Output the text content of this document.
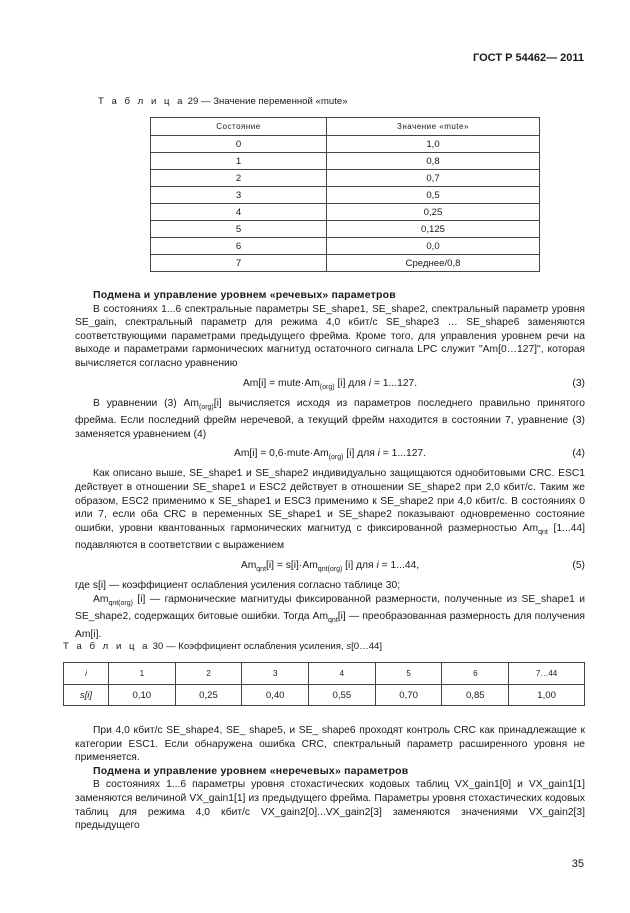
ГОСТ Р 54462— 2011
Т а б л и ц а 29 — Значение переменной «mute»
Состояние	Значение «mute»
0	1,0
1	0,8
2	0,7
3	0,5
4	0,25
5	0,125
6	0,0
7	Среднее/0,8
Подмена и управление уровнем «речевых» параметров

В состояниях 1...6 спектральные параметры SE_shape1, SE_shape2, спектральный параметр уровня SE_gain, спектральный параметр для режима 4,0 кбит/с SE_shape3 … SE_shape6 заменяются соответствующими параметрами предыдущего фрейма. Кроме того, для управления уровнем речи на выходе и параметрами гармонических магнитуд остаточного сигнала LPC служит "Am[0…127]", которая вычисляется согласно уравнению

$Am[i] = mute\cdot Am_{(org)}$ [i] для i = 1...127.	(3)

В уравнении (3) $Am_{(org)}[i]$ вычисляется исходя из параметров последнего правильно принятого фрейма. Если последний фрейм неречевой, а текущий фрейм находится в состоянии 7, уравнение (3) заменяется уравнением (4)

$Am[i] = 0,6\cdot mute\cdot Am_{(org)}$ [i] для i = 1...127.	(4)

Как описано выше, SE_shape1 и SE_shape2 индивидуально защищаются однобитовыми CRC. ESC1 действует в отношении SE_shape1 и ESC2 действует в отношении SE_shape2 при 2,0 кбит/с. Таким же образом, ESC2 применимо к SE_shape1 и ESC3 применимо к SE_shape2 при 4,0 кбит/с. В состояниях 0 или 7, если оба CRC в переменных SE_shape1 и SE_shape2 показывают одновременно состояние ошибки, уровни квантованных гармонических магнитуд с фиксированной размерностью $Am_{qnt}$ [1...44] подавляются в соответствии с выражением

$Am_{qnt}[i] = s[i]\cdot Am_{qnt(org)}$ [i] для i = 1...44,	(5)

где s[i] — коэффициент ослабления усиления согласно таблице 30;

$Am_{qnt(org)}$ [i] — гармонические магнитуды фиксированной размерности, полученные из SE_shape1 и SE_shape2, содержащих битовые ошибки. Тогда $Am_{qnt}[i]$ — преобразованная размерность для получения Am[i].

Т а б л и ц а 30 — Коэффициент ослабления усиления, s[0…44]
i	1	2	3	4	5	6	7…44
s[i]	0,10	0,25	0,40	0,55	0,70	0,85	1,00

При 4,0 кбит/с SE_shape4, SE_ shape5, и SE_ shape6 проходят контроль CRC как принадлежащие к категории ESC1. Если обнаружена ошибка CRC, спектральный параметр расширенного уровня не применяется.

Подмена и управление уровнем «неречевых» параметров

В состояниях 1...6 параметры уровня стохастических кодовых таблиц VX_gain1[0] и VX_gain1[1] заменяются величиной VX_gain1[1] из предыдущего фрейма. Параметры уровня стохастических кодовых таблиц для режима 4,0 кбит/с VX_gain2[0]...VX_gain2[3] заменяются значениями VX_gain2[3] предыдущего

35
